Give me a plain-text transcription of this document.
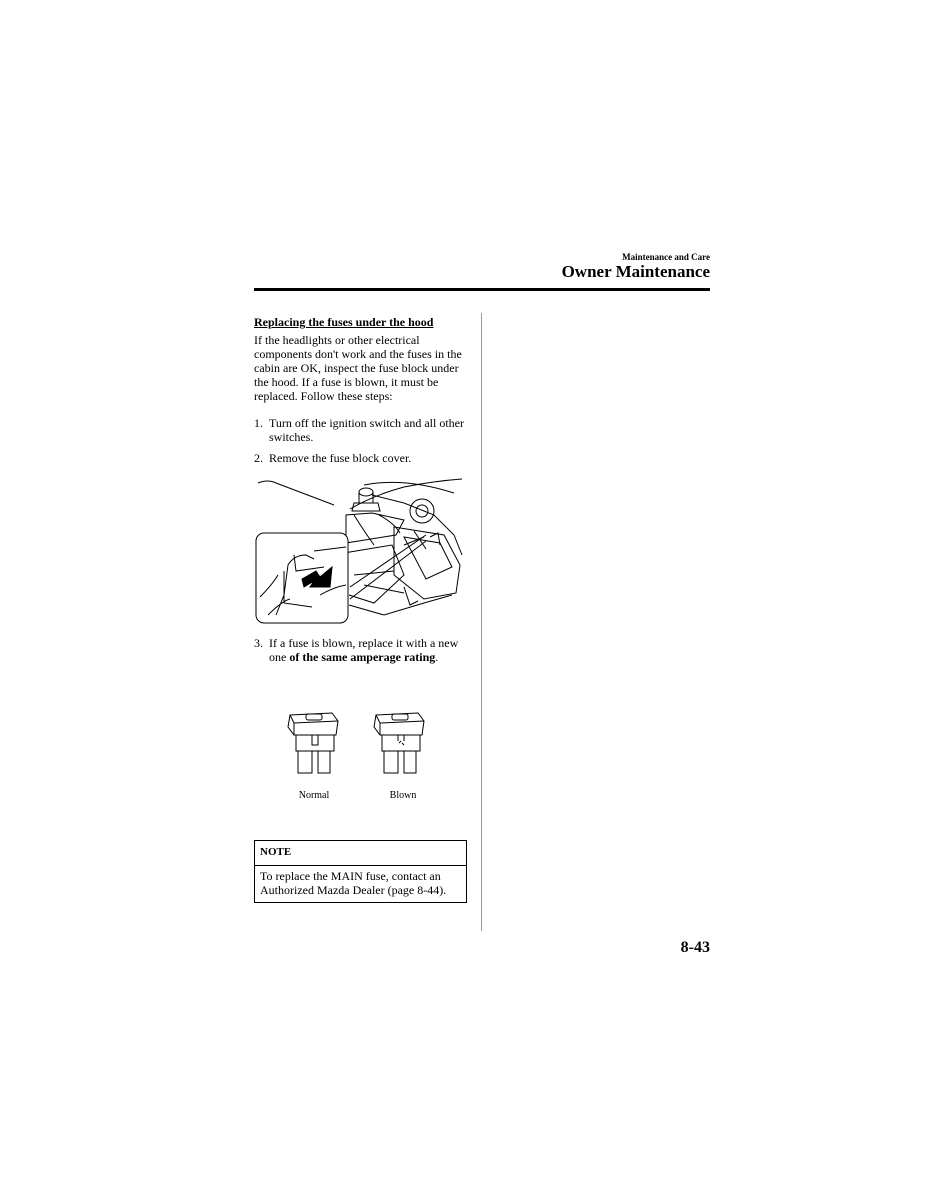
Maintenance and Care
Owner Maintenance
Replacing the fuses under the hood
If the headlights or other electrical components don't work and the fuses in the cabin are OK, inspect the fuse block under the hood. If a fuse is blown, it must be replaced. Follow these steps:
1. Turn off the ignition switch and all other switches.
2. Remove the fuse block cover.
3. If a fuse is blown, replace it with a new one of the same amperage rating.
Normal	Blown
NOTE
To replace the MAIN fuse, contact an Authorized Mazda Dealer (page 8-44).
8-43
